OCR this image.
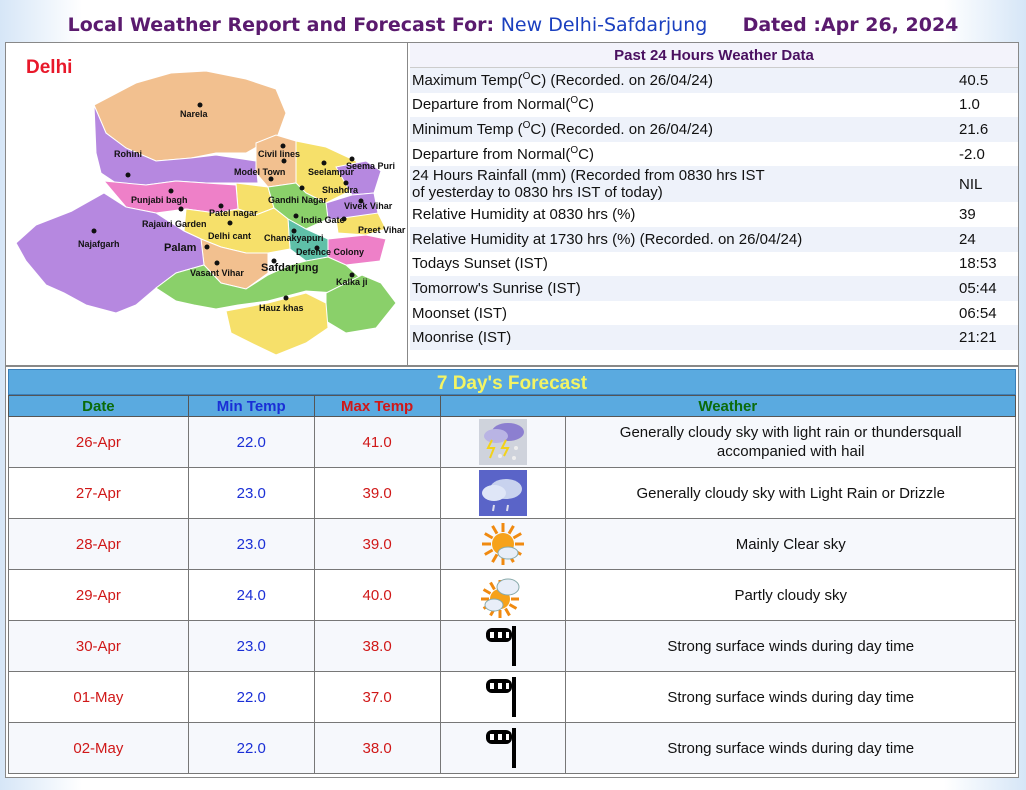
Local Weather Report and Forecast For: New Delhi-Safdarjung Dated :Apr 26, 2024
Narela
Rohini	Civil lines
Seema Puri
Model Town	Seelampur
Shahdra
Punjabi bagh	Gandhi Nagar
Vivek Vihar
Rajauri Garden
Patel nagar
India Gate
Preet Vihar
Najafgarh
Delhi cant Chanakyapuri
Palam	Defence Colony
Vasant Vihar Safdarjung
Kalka ji
Hauz khas
Delhi
Past 24 Hours Weather Data
Maximum Temp($^O$C) (Recorded. on 26/04/24)	40.5
Departure from Normal($^O$C)	1.0
Minimum Temp ($^O$C) (Recorded. on 26/04/24)	21.6
Departure from Normal($^O$C)	-2.0
24 Hours Rainfall (mm) (Recorded from 0830 hrs IST
of yesterday to 0830 hrs IST of today)	NIL
Relative Humidity at 0830 hrs (%)	39
Relative Humidity at 1730 hrs (%) (Recorded. on 26/04/24)	24
Todays Sunset (IST)	18:53
Tomorrow's Sunrise (IST)	05:44
Moonset (IST)	06:54
Moonrise (IST)	21:21
7 Day's Forecast
Date	Min Temp	Max Temp	Weather	
26-Apr	22.0	41.0		Generally cloudy sky with light rain or thundersquall
accompanied with hail
27-Apr	23.0	39.0		Generally cloudy sky with Light Rain or Drizzle
28-Apr	23.0	39.0		Mainly Clear sky
29-Apr	24.0	40.0		Partly cloudy sky
30-Apr	23.0	38.0		Strong surface winds during day time
01-May	22.0	37.0		Strong surface winds during day time
02-May	22.0	38.0		Strong surface winds during day time
